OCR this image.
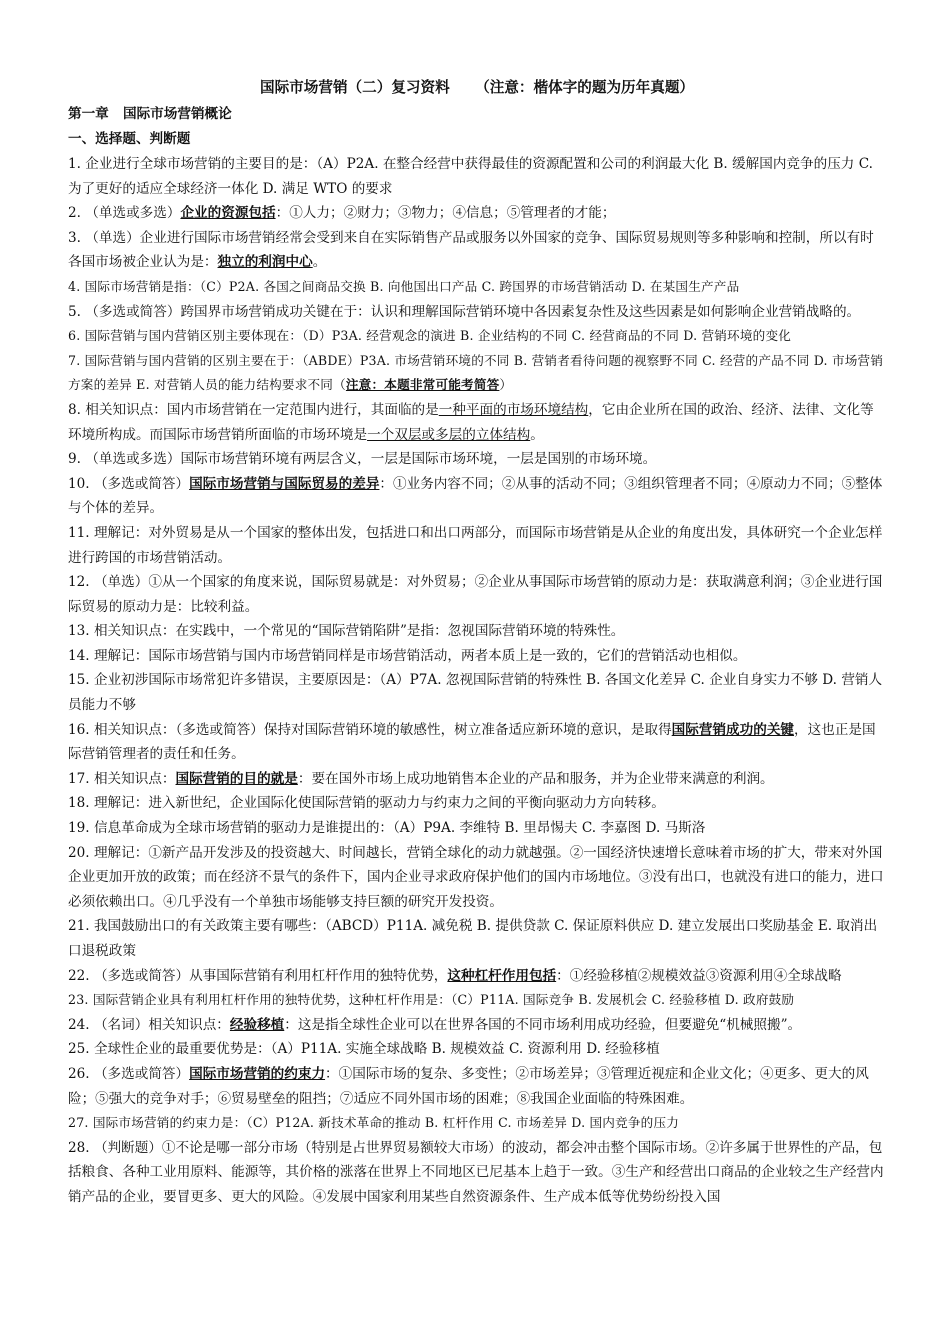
国际市场营销（二）复习资料     （注意：楷体字的题为历年真题）
第一章   国际市场营销概论
一、选择题、判断题

1. 企业进行全球市场营销的主要目的是：（A）P2A. 在整合经营中获得最佳的资源配置和公司的利润最大化 B. 缓解国内竞争的压力 C. 为了更好的适应全球经济一体化 D. 满足 WTO 的要求

2. （单选或多选）企业的资源包括：①人力；②财力；③物力；④信息；⑤管理者的才能；

3. （单选）企业进行国际市场营销经常会受到来自在实际销售产品或服务以外国家的竞争、国际贸易规则等多种影响和控制，所以有时各国市场被企业认为是：独立的利润中心。

4. 国际市场营销是指：（C）P2A. 各国之间商品交换 B. 向他国出口产品 C. 跨国界的市场营销活动 D. 在某国生产产品

5. （多选或简答）跨国界市场营销成功关键在于：认识和理解国际营销环境中各因素复杂性及这些因素是如何影响企业营销战略的。

6. 国际营销与国内营销区别主要体现在：（D）P3A. 经营观念的演进 B. 企业结构的不同 C. 经营商品的不同 D. 营销环境的变化

7. 国际营销与国内营销的区别主要在于：（ABDE）P3A. 市场营销环境的不同 B. 营销者看待问题的视察野不同 C. 经营的产品不同 D. 市场营销方案的差异 E. 对营销人员的能力结构要求不同（注意：本题非常可能考简答）

8. 相关知识点：国内市场营销在一定范围内进行，其面临的是一种平面的市场环境结构，它由企业所在国的政治、经济、法律、文化等环境所构成。而国际市场营销所面临的市场环境是一个双层或多层的立体结构。

9. （单选或多选）国际市场营销环境有两层含义，一层是国际市场环境，一层是国别的市场环境。

10. （多选或简答）国际市场营销与国际贸易的差异：①业务内容不同；②从事的活动不同；③组织管理者不同；④原动力不同；⑤整体与个体的差异。

11. 理解记：对外贸易是从一个国家的整体出发，包括进口和出口两部分，而国际市场营销是从企业的角度出发，具体研究一个企业怎样进行跨国的市场营销活动。

12. （单选）①从一个国家的角度来说，国际贸易就是：对外贸易；②企业从事国际市场营销的原动力是：获取满意利润；③企业进行国际贸易的原动力是：比较利益。

13. 相关知识点：在实践中，一个常见的“国际营销陷阱”是指：忽视国际营销环境的特殊性。

14. 理解记：国际市场营销与国内市场营销同样是市场营销活动，两者本质上是一致的，它们的营销活动也相似。

15. 企业初涉国际市场常犯许多错误，主要原因是：（A）P7A. 忽视国际营销的特殊性 B. 各国文化差异 C. 企业自身实力不够 D. 营销人员能力不够

16. 相关知识点：（多选或简答）保持对国际营销环境的敏感性，树立准备适应新环境的意识，是取得国际营销成功的关键，这也正是国际营销管理者的责任和任务。

17. 相关知识点：国际营销的目的就是：要在国外市场上成功地销售本企业的产品和服务，并为企业带来满意的利润。

18. 理解记：进入新世纪，企业国际化使国际营销的驱动力与约束力之间的平衡向驱动力方向转移。

19. 信息革命成为全球市场营销的驱动力是谁提出的：（A）P9A. 李维特 B. 里昂惕夫 C. 李嘉图 D. 马斯洛

20. 理解记：①新产品开发涉及的投资越大、时间越长，营销全球化的动力就越强。②一国经济快速增长意味着市场的扩大，带来对外国企业更加开放的政策；而在经济不景气的条件下，国内企业寻求政府保护他们的国内市场地位。③没有出口，也就没有进口的能力，进口必须依赖出口。④几乎没有一个单独市场能够支持巨额的研究开发投资。

21. 我国鼓励出口的有关政策主要有哪些：（ABCD）P11A. 减免税 B. 提供贷款 C. 保证原料供应 D. 建立发展出口奖励基金 E. 取消出口退税政策

22. （多选或简答）从事国际营销有利用杠杆作用的独特优势，这种杠杆作用包括：①经验移植②规模效益③资源利用④全球战略

23. 国际营销企业具有利用杠杆作用的独特优势，这种杠杆作用是：（C）P11A. 国际竞争 B. 发展机会 C. 经验移植 D. 政府鼓励

24. （名词）相关知识点：经验移植：这是指全球性企业可以在世界各国的不同市场利用成功经验，但要避免“机械照搬”。

25. 全球性企业的最重要优势是：（A）P11A. 实施全球战略 B. 规模效益 C. 资源利用 D. 经验移植

26. （多选或简答）国际市场营销的约束力：①国际市场的复杂、多变性；②市场差异；③管理近视症和企业文化；④更多、更大的风险；⑤强大的竞争对手；⑥贸易壁垒的阻挡；⑦适应不同外国市场的困难；⑧我国企业面临的特殊困难。

27. 国际市场营销的约束力是：（C）P12A. 新技术革命的推动 B. 杠杆作用 C. 市场差异 D. 国内竞争的压力

28. （判断题）①不论是哪一部分市场（特别是占世界贸易额较大市场）的波动，都会冲击整个国际市场。②许多属于世界性的产品，包括粮食、各种工业用原料、能源等，其价格的涨落在世界上不同地区已尼基本上趋于一致。③生产和经营出口商品的企业较之生产经营内销产品的企业，要冒更多、更大的风险。④发展中国家利用某些自然资源条件、生产成本低等优势纷纷投入国
